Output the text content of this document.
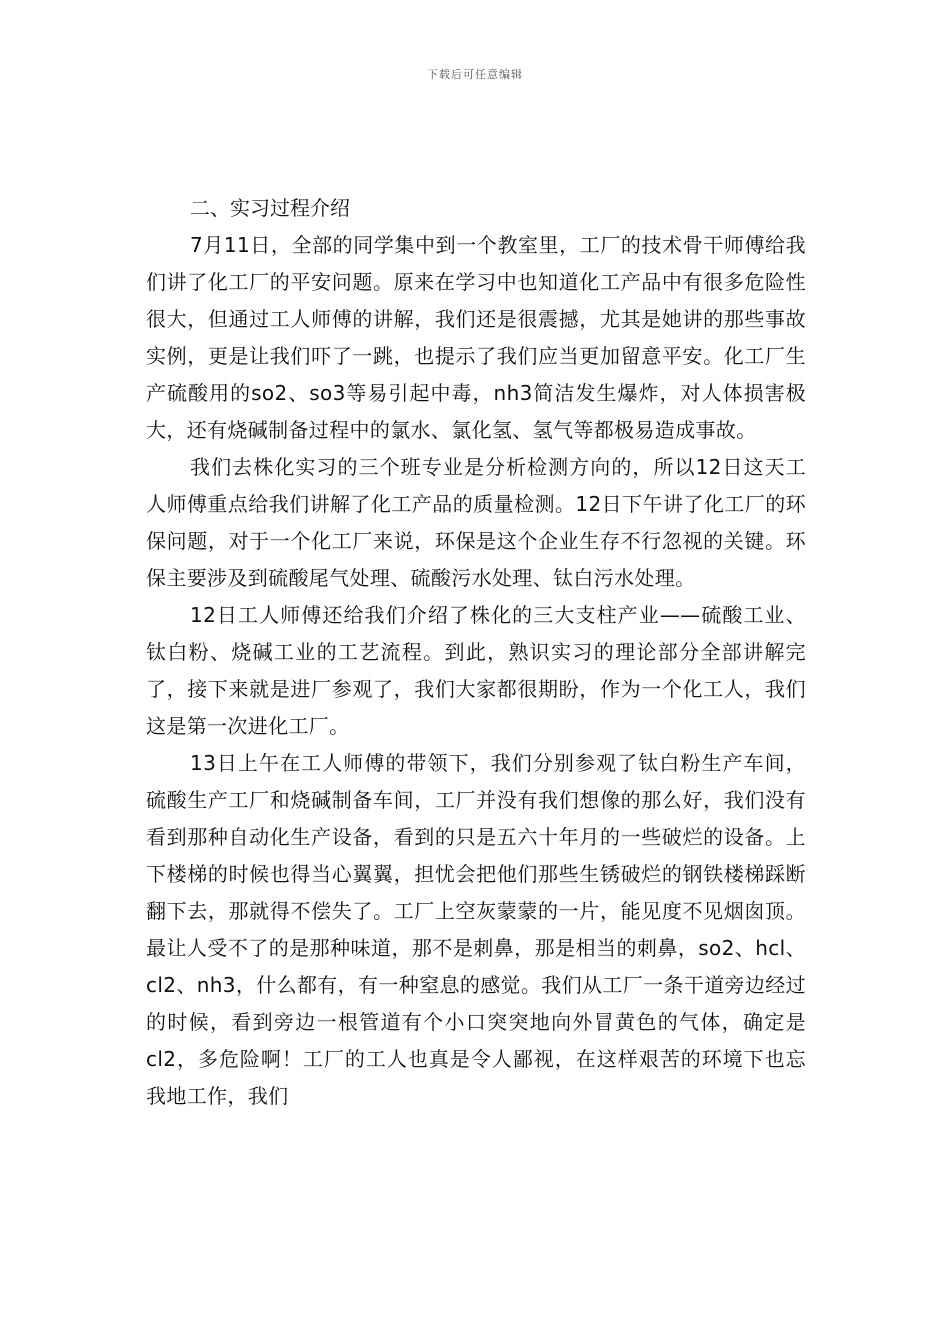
下载后可任意编辑

二、实习过程介绍

7月11日，全部的同学集中到一个教室里，工厂的技术骨干师傅给我们讲了化工厂的平安问题。原来在学习中也知道化工产品中有很多危险性很大，但通过工人师傅的讲解，我们还是很震撼，尤其是她讲的那些事故实例，更是让我们吓了一跳，也提示了我们应当更加留意平安。化工厂生产硫酸用的so2、so3等易引起中毒，nh3简洁发生爆炸，对人体损害极大，还有烧碱制备过程中的氯水、氯化氢、氢气等都极易造成事故。

我们去株化实习的三个班专业是分析检测方向的，所以12日这天工人师傅重点给我们讲解了化工产品的质量检测。12日下午讲了化工厂的环保问题，对于一个化工厂来说，环保是这个企业生存不行忽视的关键。环保主要涉及到硫酸尾气处理、硫酸污水处理、钛白污水处理。

12日工人师傅还给我们介绍了株化的三大支柱产业——硫酸工业、钛白粉、烧碱工业的工艺流程。到此，熟识实习的理论部分全部讲解完了，接下来就是进厂参观了，我们大家都很期盼，作为一个化工人，我们这是第一次进化工厂。

13日上午在工人师傅的带领下，我们分别参观了钛白粉生产车间，硫酸生产工厂和烧碱制备车间，工厂并没有我们想像的那么好，我们没有看到那种自动化生产设备，看到的只是五六十年月的一些破烂的设备。上下楼梯的时候也得当心翼翼，担忧会把他们那些生锈破烂的钢铁楼梯踩断翻下去，那就得不偿失了。工厂上空灰蒙蒙的一片，能见度不见烟囱顶。最让人受不了的是那种味道，那不是刺鼻，那是相当的刺鼻，so2、hcl、cl2、nh3，什么都有，有一种窒息的感觉。我们从工厂一条干道旁边经过的时候，看到旁边一根管道有个小口突突地向外冒黄色的气体，确定是cl2，多危险啊！工厂的工人也真是令人鄙视，在这样艰苦的环境下也忘我地工作，我们
